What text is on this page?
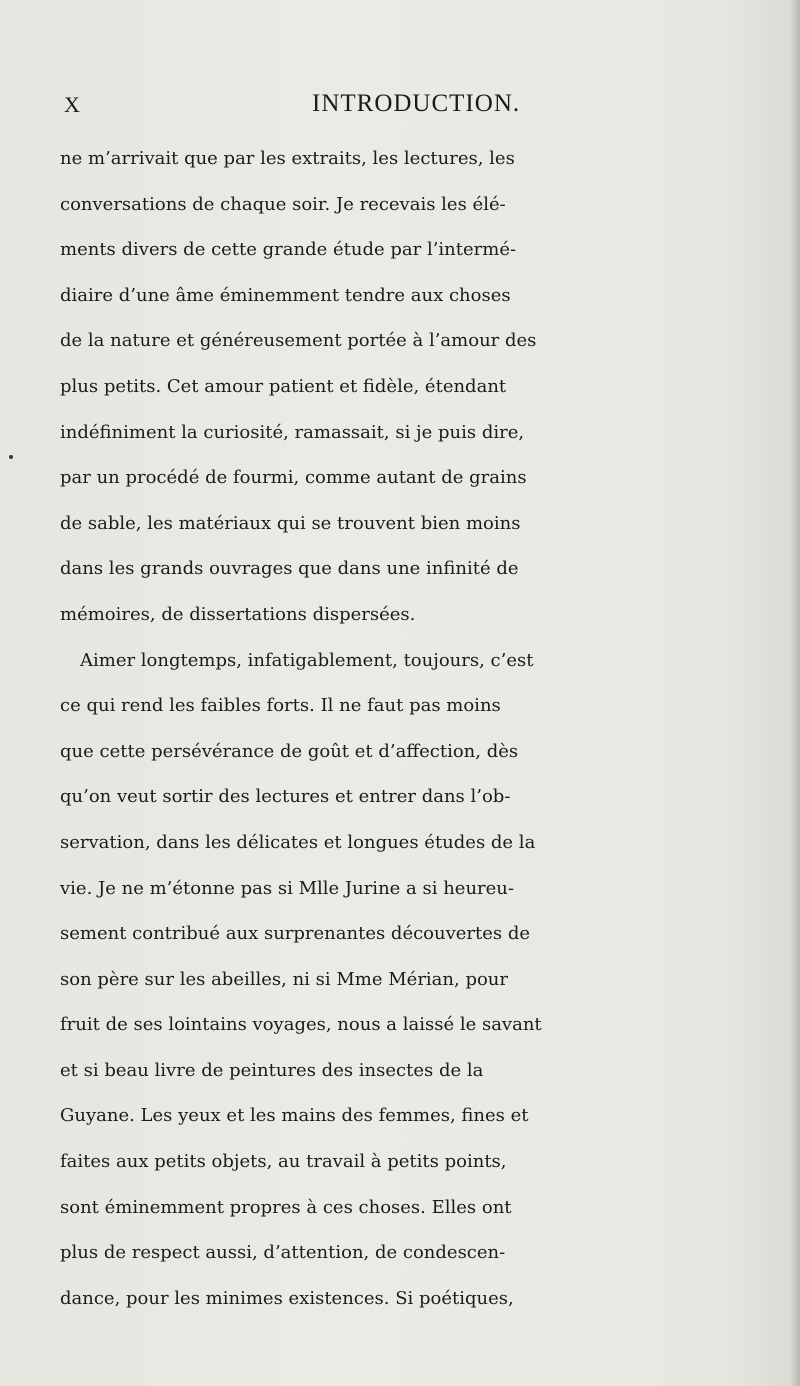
X	INTRODUCTION.
ne m’arrivait que par les extraits, les lectures, les
conversations de chaque soir. Je recevais les élé-
ments divers de cette grande étude par l’intermé-
diaire d’une âme éminemment tendre aux choses
de la nature et généreusement portée à l’amour des
plus petits. Cet amour patient et fidèle, étendant
indéfiniment la curiosité, ramassait, si je puis dire,
par un procédé de fourmi, comme autant de grains
de sable, les matériaux qui se trouvent bien moins
dans les grands ouvrages que dans une infinité de
mémoires, de dissertations dispersées.
Aimer longtemps, infatigablement, toujours, c’est
ce qui rend les faibles forts. Il ne faut pas moins
que cette persévérance de goût et d’affection, dès
qu’on veut sortir des lectures et entrer dans l’ob-
servation, dans les délicates et longues études de la
vie. Je ne m’étonne pas si Mlle Jurine a si heureu-
sement contribué aux surprenantes découvertes de
son père sur les abeilles, ni si Mme Mérian, pour
fruit de ses lointains voyages, nous a laissé le savant
et si beau livre de peintures des insectes de la
Guyane. Les yeux et les mains des femmes, fines et
faites aux petits objets, au travail à petits points,
sont éminemment propres à ces choses. Elles ont
plus de respect aussi, d’attention, de condescen-
dance, pour les minimes existences. Si poétiques,
